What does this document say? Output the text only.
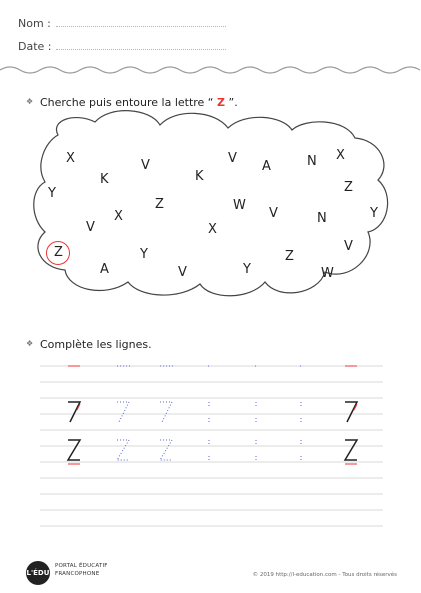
Nom :
Date :
❖ Cherche puis entoure la lettre “ Z ”.
X
K
V	V
A	N X
Y
K
Z
Z
X
V
W
V	N	Y
V
X
Z
Z
A
Y
V
Y	W
❖ Complète les lignes.
L'ÉDU
PORTAL ÉDUCATIF
FRANCOPHONE	© 2019 http://l-education.com - Tous droits réservés
